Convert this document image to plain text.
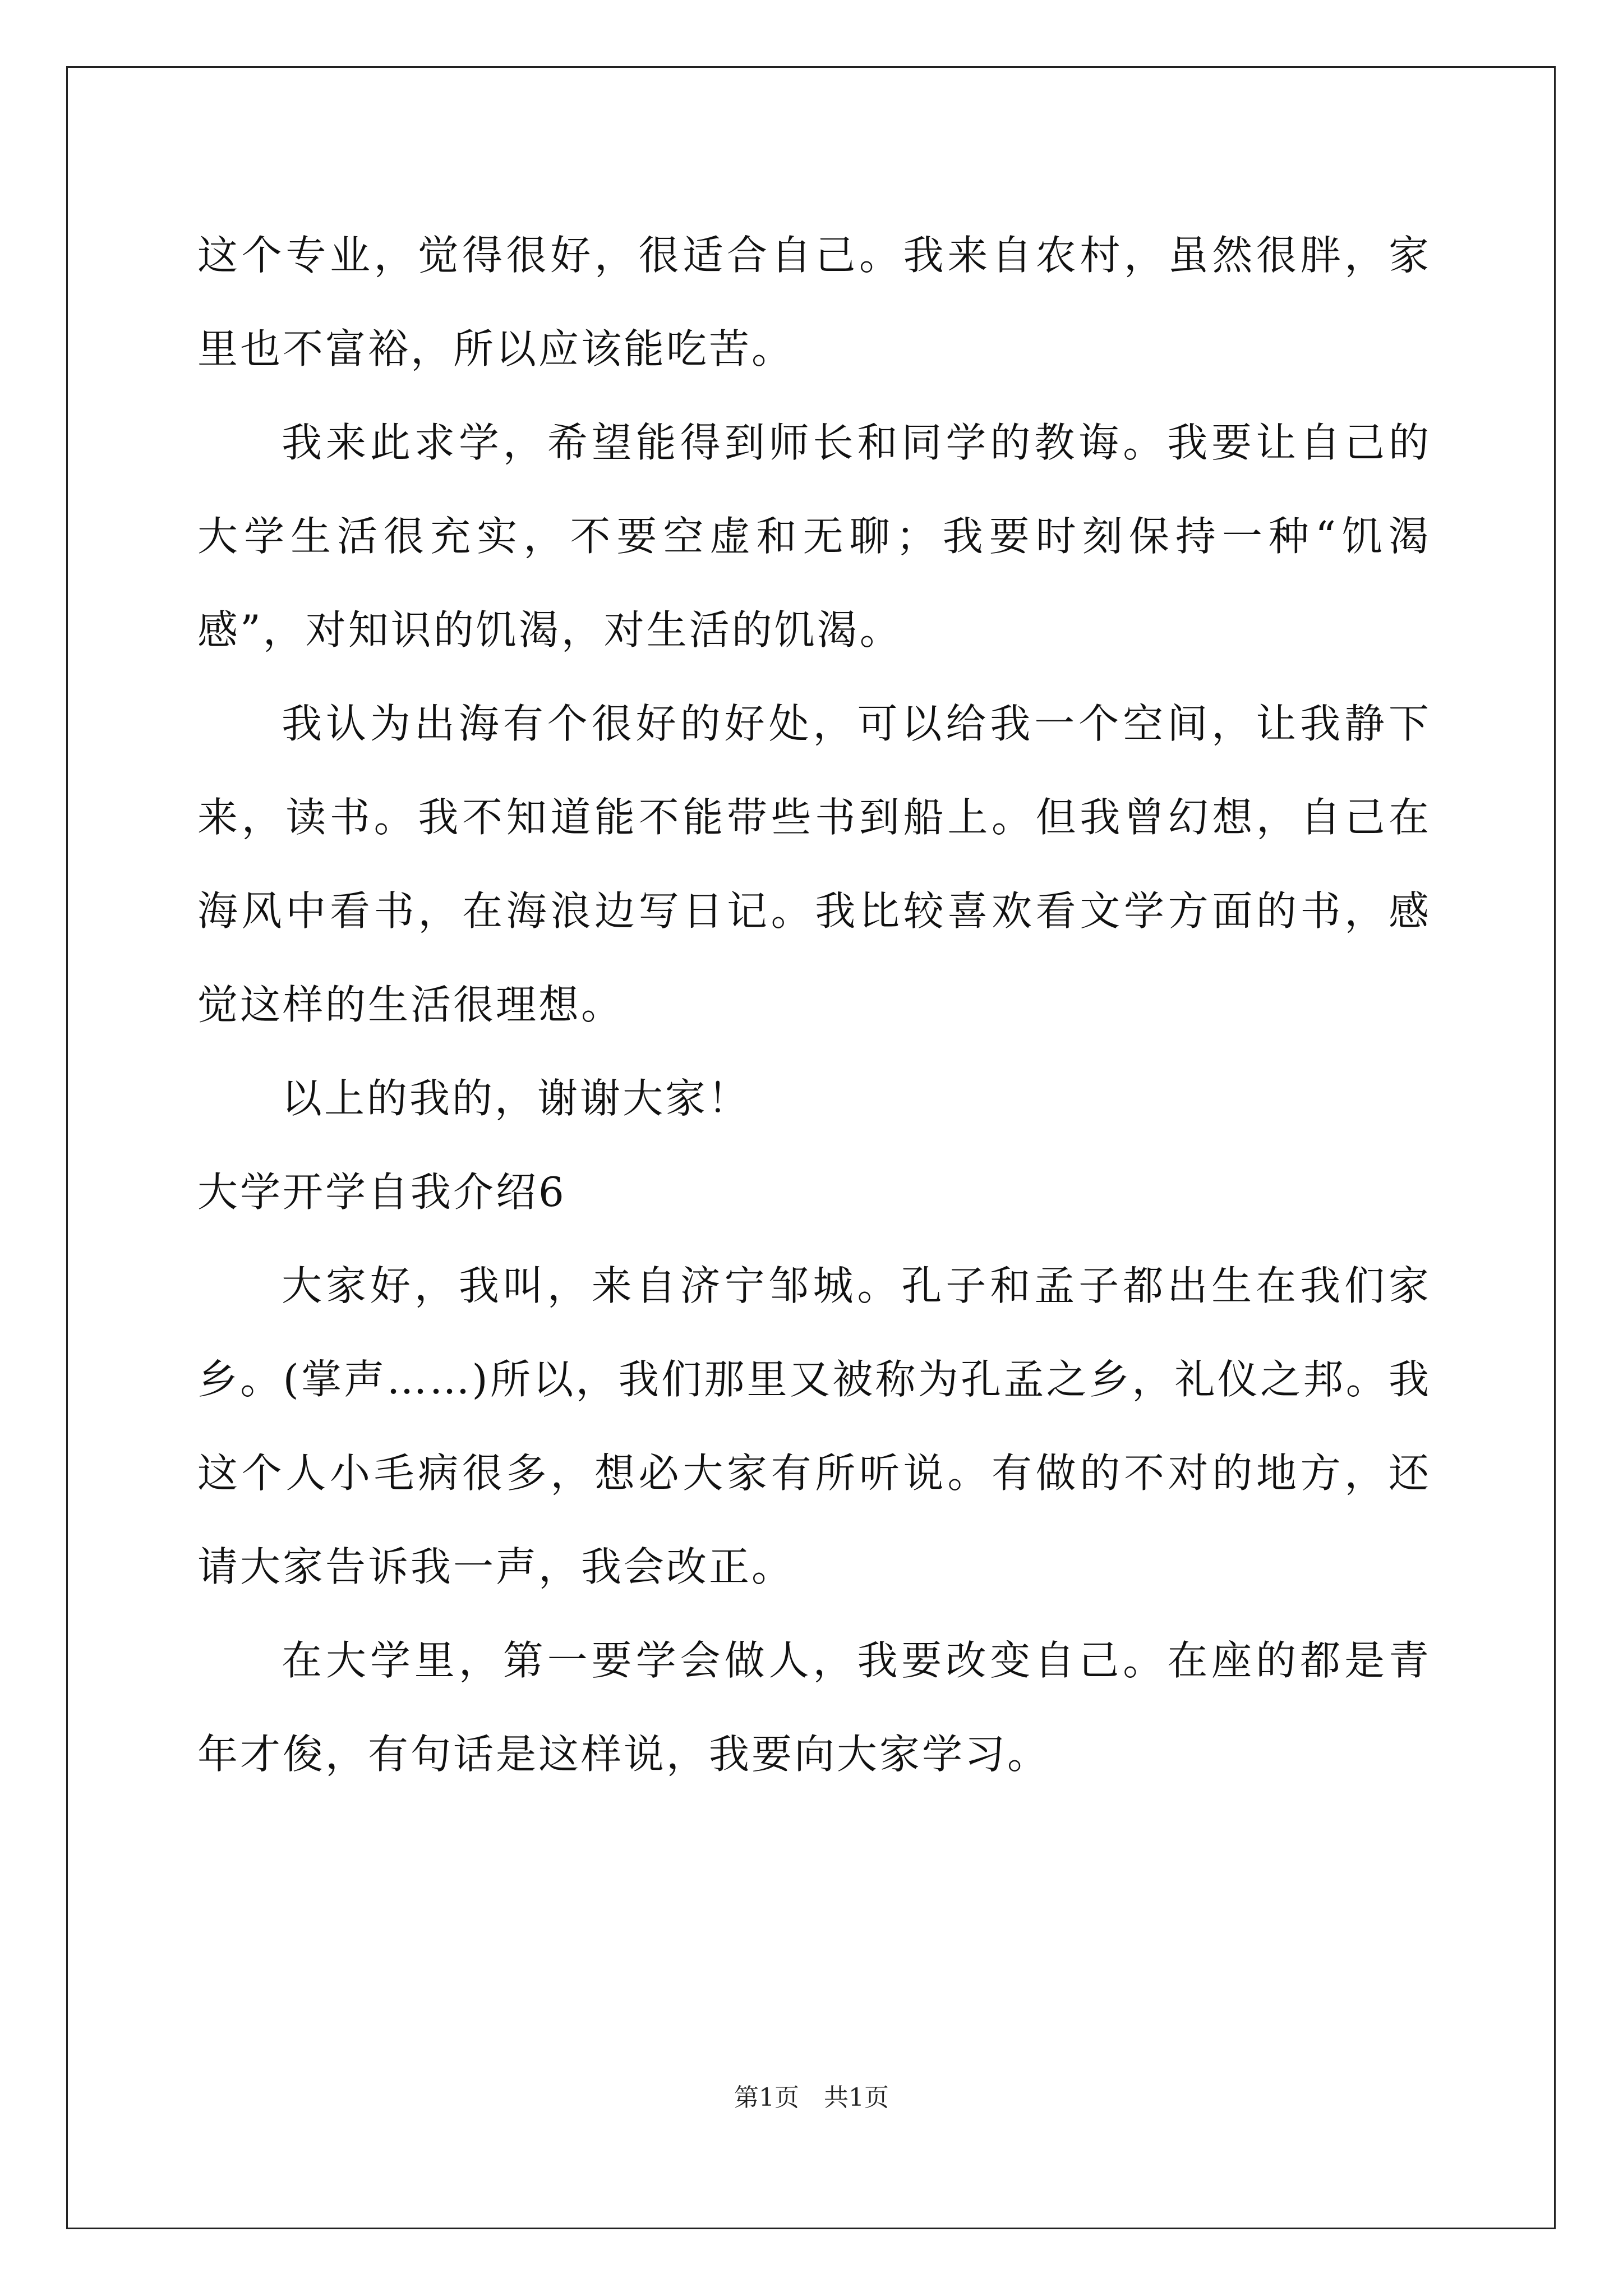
这个专业，觉得很好，很适合自己。我来自农村，虽然很胖，家里也不富裕，所以应该能吃苦。

我来此求学，希望能得到师长和同学的教诲。我要让自己的大学生活很充实，不要空虚和无聊；我要时刻保持一种“饥渴感”，对知识的饥渴，对生活的饥渴。

我认为出海有个很好的好处，可以给我一个空间，让我静下来，读书。我不知道能不能带些书到船上。但我曾幻想，自己在海风中看书，在海浪边写日记。我比较喜欢看文学方面的书，感觉这样的生活很理想。

以上的我的，谢谢大家！

大学开学自我介绍6

大家好，我叫，来自济宁邹城。孔子和孟子都出生在我们家乡。(掌声……)所以，我们那里又被称为孔孟之乡，礼仪之邦。我这个人小毛病很多，想必大家有所听说。有做的不对的地方，还请大家告诉我一声，我会改正。

在大学里，第一要学会做人，我要改变自己。在座的都是青年才俊，有句话是这样说，我要向大家学习。

第1页　共1页
